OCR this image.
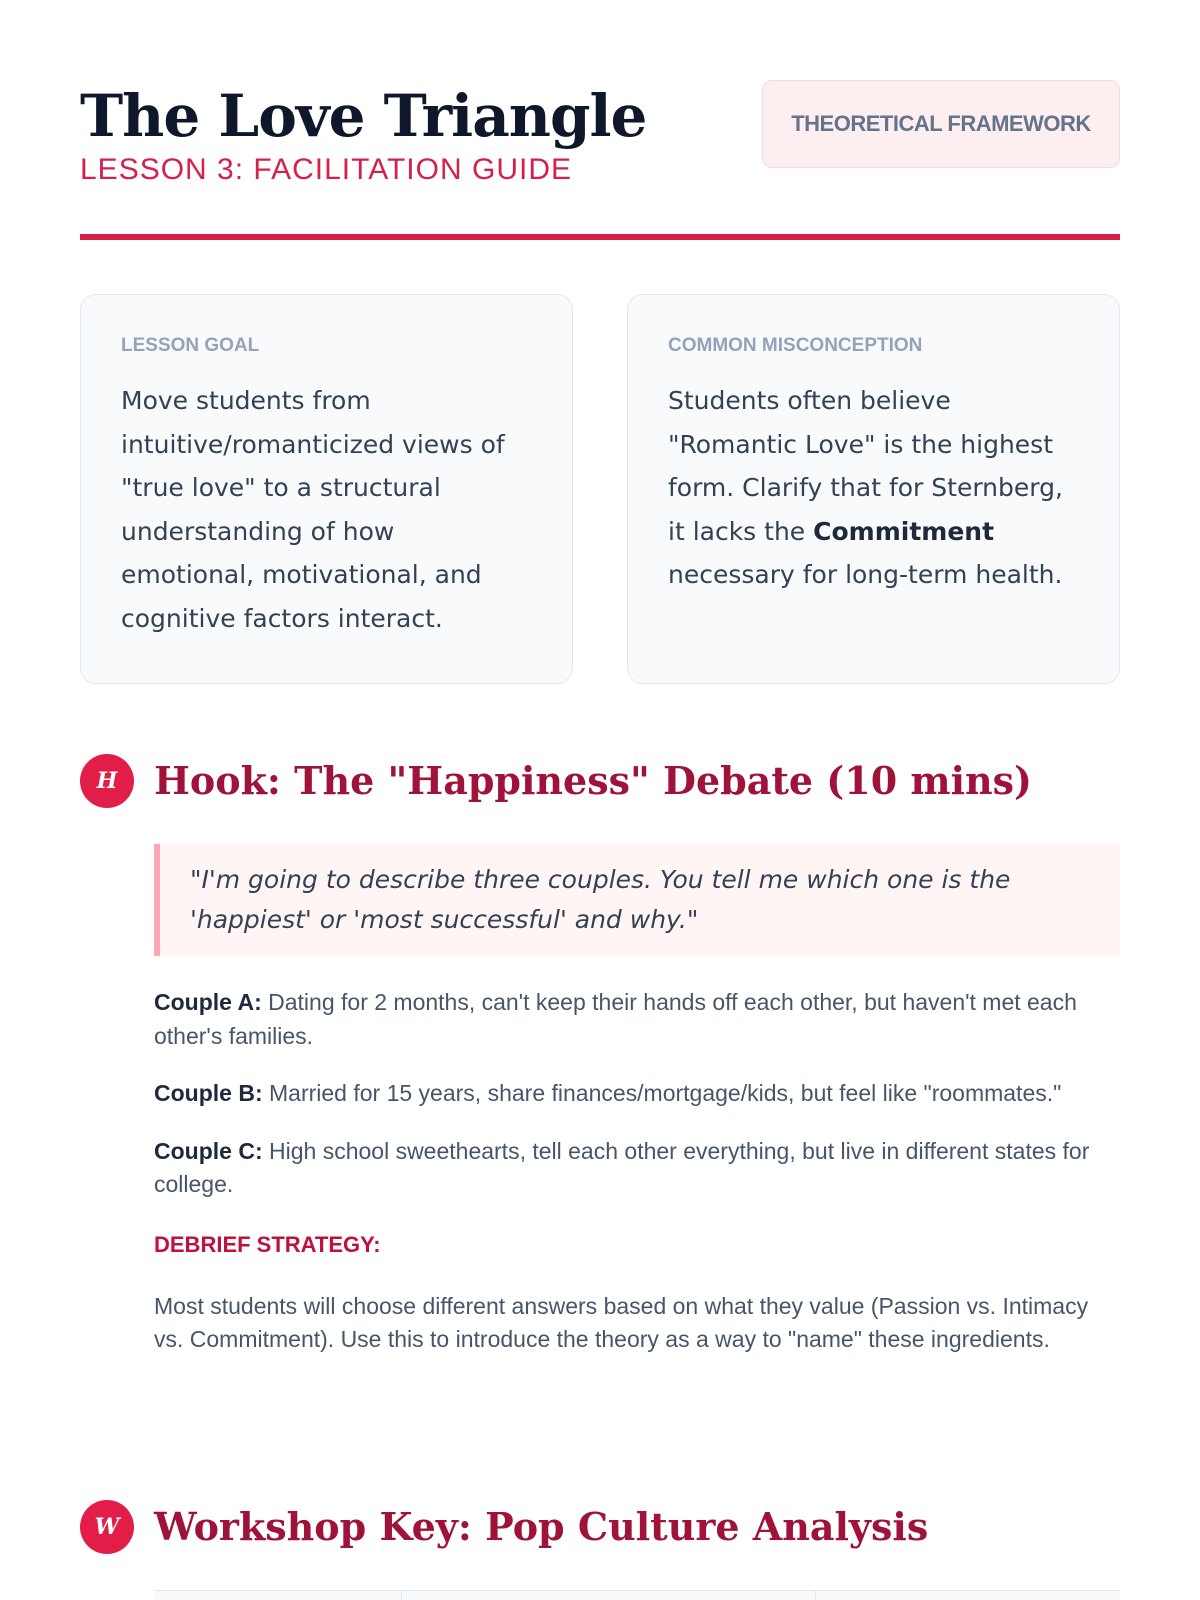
The Love Triangle
LESSON 3: FACILITATION GUIDE
THEORETICAL FRAMEWORK
LESSON GOAL

Move students from intuitive/romanticized views of "true love" to a structural understanding of how emotional, motivational, and cognitive factors interact.

COMMON MISCONCEPTION

Students often believe "Romantic Love" is the highest form. Clarify that for Sternberg, it lacks the Commitment necessary for long-term health.

H Hook: The "Happiness" Debate (10 mins)
"I'm going to describe three couples. You tell me which one is the 'happiest' or 'most successful' and why."

Couple A: Dating for 2 months, can't keep their hands off each other, but haven't met each other's families.

Couple B: Married for 15 years, share finances/mortgage/kids, but feel like "roommates."

Couple C: High school sweethearts, tell each other everything, but live in different states for college.

DEBRIEF STRATEGY:

Most students will choose different answers based on what they value (Passion vs. Intimacy vs. Commitment). Use this to introduce the theory as a way to "name" these ingredients.

W Workshop Key: Pop Culture Analysis
